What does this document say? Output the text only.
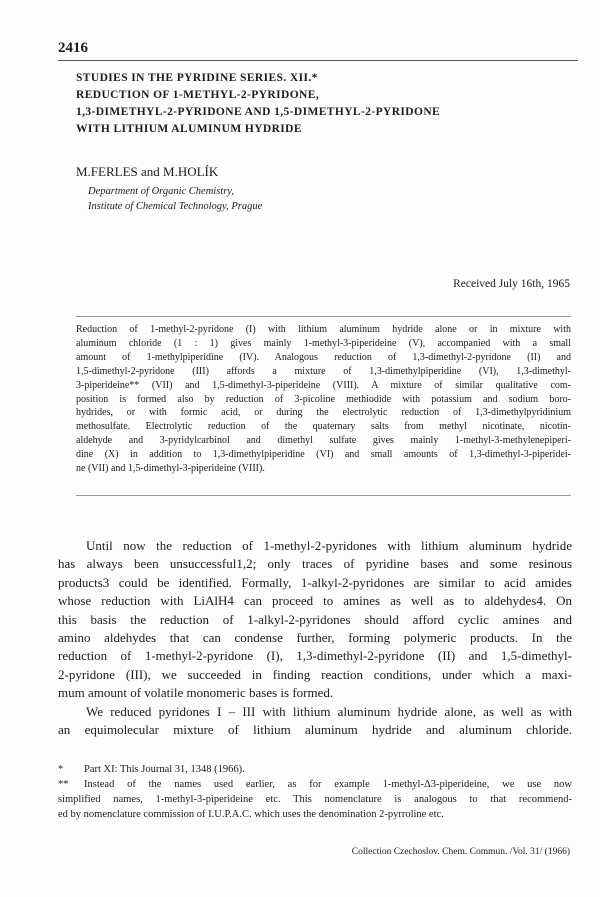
2416
STUDIES IN THE PYRIDINE SERIES. XII.*
REDUCTION OF 1-METHYL-2-PYRIDONE,
1,3-DIMETHYL-2-PYRIDONE AND 1,5-DIMETHYL-2-PYRIDONE
WITH LITHIUM ALUMINUM HYDRIDE
M.FERLES and M.HOLÍK
Department of Organic Chemistry,
Institute of Chemical Technology, Prague
Received July 16th, 1965
Reduction of 1-methyl-2-pyridone (I) with lithium aluminum hydride alone or in mixture with
aluminum chloride (1 : 1) gives mainly 1-methyl-3-piperideine (V), accompanied with a small
amount of 1-methylpiperidine (IV). Analogous reduction of 1,3-dimethyl-2-pyridone (II) and
1,5-dimethyl-2-pyridone (III) affords a mixture of 1,3-dimethylpiperidine (VI), 1,3-dimethyl-
3-piperideine** (VII) and 1,5-dimethyl-3-piperideine (VIII). A mixture of similar qualitative com-
position is formed also by reduction of 3-picoline methiodide with potassium and sodium boro-
hydrides, or with formic acid, or during the electrolytic reduction of 1,3-dimethylpyridinium
methosulfate. Electrolytic reduction of the quaternary salts from methyl nicotinate, nicotin-
aldehyde and 3-pyridylcarbinol and dimethyl sulfate gives mainly 1-methyl-3-methylenepiperi-
dine (X) in addition to 1,3-dimethylpiperidine (VI) and small amounts of 1,3-dimethyl-3-piperidei-
ne (VII) and 1,5-dimethyl-3-piperideine (VIII).
Until now the reduction of 1-methyl-2-pyridones with lithium aluminum hydride
has always been unsuccessful1,2; only traces of pyridine bases and some resinous
products3 could be identified. Formally, 1-alkyl-2-pyridones are similar to acid amides
whose reduction with LiAlH4 can proceed to amines as well as to aldehydes4. On
this basis the reduction of 1-alkyl-2-pyridones should afford cyclic amines and
amino aldehydes that can condense further, forming polymeric products. In the
reduction of 1-methyl-2-pyridone (I), 1,3-dimethyl-2-pyridone (II) and 1,5-dimethyl-
2-pyridone (III), we succeeded in finding reaction conditions, under which a maxi-
mum amount of volatile monomeric bases is formed.
We reduced pyridones I – III with lithium aluminum hydride alone, as well as with
an equimolecular mixture of lithium aluminum hydride and aluminum chloride.
*	Part XI: This Journal 31, 1348 (1966).
**	Instead of the names used earlier, as for example 1-methyl-Δ3-piperideine, we use now
simplified names, 1-methyl-3-piperideine etc. This nomenclature is analogous to that recommend-
ed by nomenclature commission of I.U.P.A.C. which uses the denomination 2-pyrroline etc.
Collection Czechoslov. Chem. Commun. /Vol. 31/ (1966)
